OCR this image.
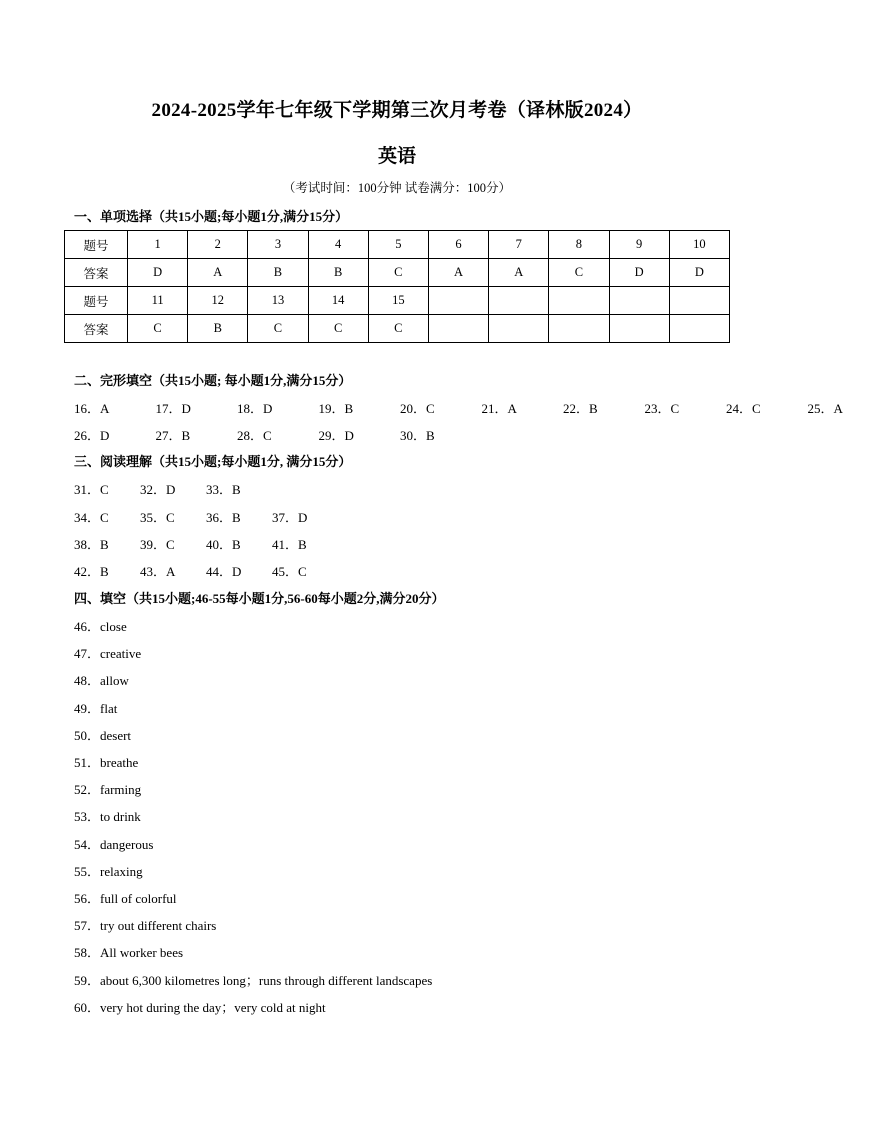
2024-2025学年七年级下学期第三次月考卷（译林版2024）
英语
（考试时间：100分钟 试卷满分：100分）
一、单项选择（共15小题;每小题1分,满分15分）
题号	1	2	3	4	5	6	7	8	9	10
答案	D	A	B	B	C	A	A	C	D	D
题号	11	12	13	14	15					
答案	C	B	C	C	C					
二、完形填空（共15小题; 每小题1分,满分15分）
16．A	17．D	18．D	19．B	20．C	21．A	22．B	23．C	24．C	25．A
26．D	27．B	28．C	29．D	30．B
三、阅读理解（共15小题;每小题1分, 满分15分）
31．C 32．D 33．B
34．C 35．C 36．B 37．D
38．B 39．C 40．B 41．B
42．B 43．A 44．D 45．C
四、填空（共15小题;46-55每小题1分,56-60每小题2分,满分20分）
46．close
47．creative
48．allow
49．flat
50．desert
51．breathe
52．farming
53．to drink
54．dangerous
55．relaxing
56．full of colorful
57．try out different chairs
58．All worker bees
59．about 6,300 kilometres long；runs through different landscapes
60．very hot during the day；very cold at night
